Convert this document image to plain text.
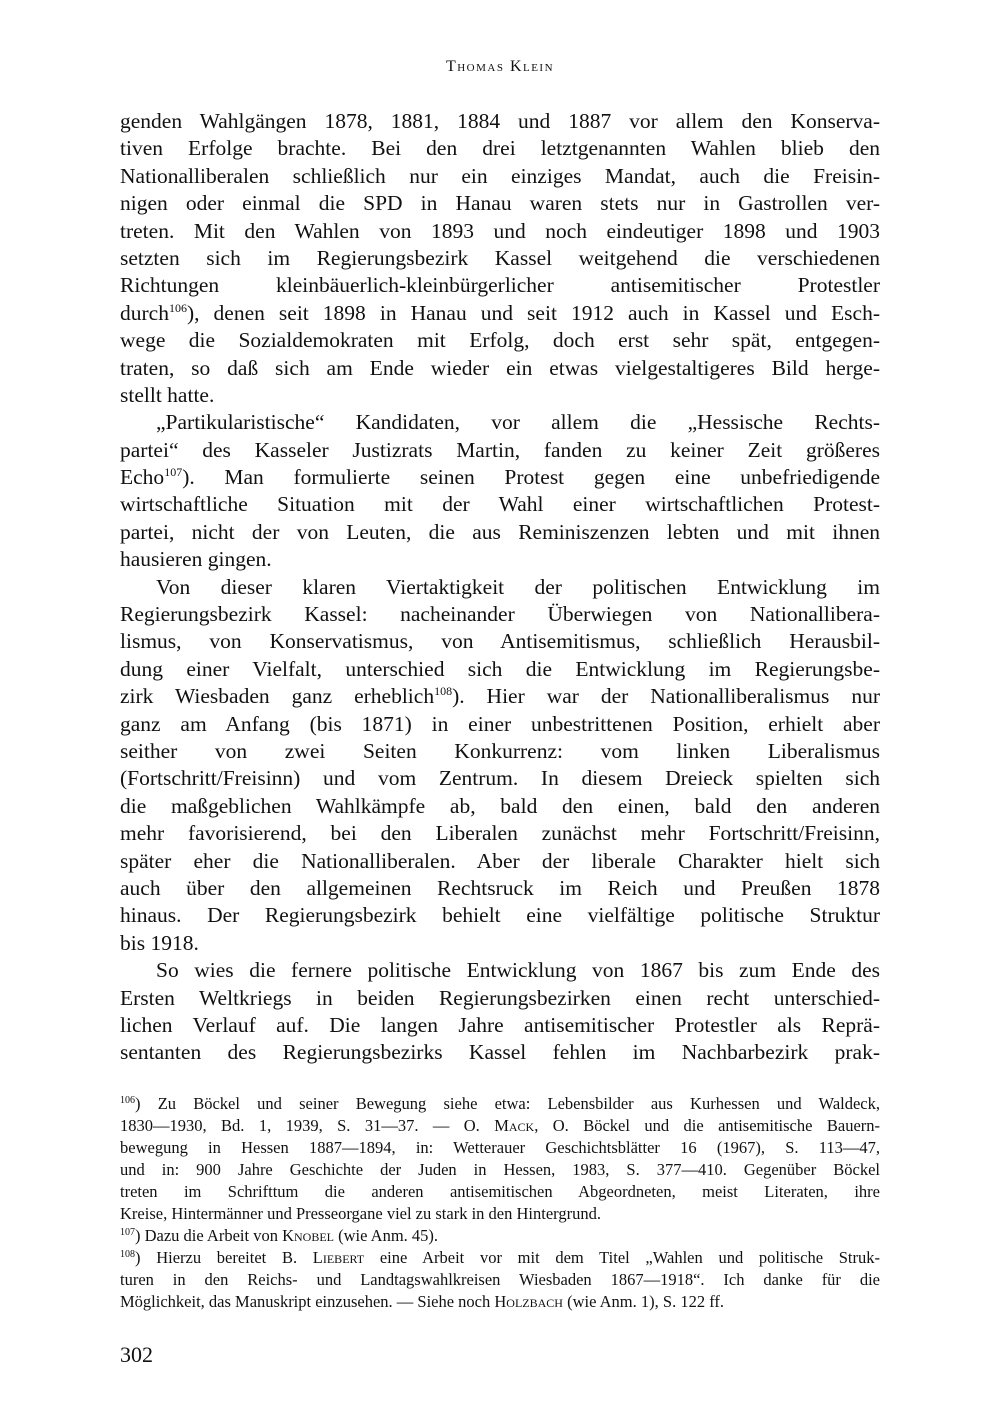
Thomas Klein
genden Wahlgängen 1878, 1881, 1884 und 1887 vor allem den Konserva-
tiven Erfolge brachte. Bei den drei letztgenannten Wahlen blieb den
Nationalliberalen schließlich nur ein einziges Mandat, auch die Freisin-
nigen oder einmal die SPD in Hanau waren stets nur in Gastrollen ver-
treten. Mit den Wahlen von 1893 und noch eindeutiger 1898 und 1903
setzten sich im Regierungsbezirk Kassel weitgehend die verschiedenen
Richtungen kleinbäuerlich-kleinbürgerlicher antisemitischer Protestler
durch$^{106}$), denen seit 1898 in Hanau und seit 1912 auch in Kassel und Esch-
wege die Sozialdemokraten mit Erfolg, doch erst sehr spät, entgegen-
traten, so daß sich am Ende wieder ein etwas vielgestaltigeres Bild herge-
stellt hatte.
„Partikularistische“ Kandidaten, vor allem die „Hessische Rechts-
partei“ des Kasseler Justizrats Martin, fanden zu keiner Zeit größeres
Echo$^{107}$). Man formulierte seinen Protest gegen eine unbefriedigende
wirtschaftliche Situation mit der Wahl einer wirtschaftlichen Protest-
partei, nicht der von Leuten, die aus Reminiszenzen lebten und mit ihnen
hausieren gingen.
Von dieser klaren Viertaktigkeit der politischen Entwicklung im
Regierungsbezirk Kassel: nacheinander Überwiegen von Nationallibera-
lismus, von Konservatismus, von Antisemitismus, schließlich Herausbil-
dung einer Vielfalt, unterschied sich die Entwicklung im Regierungsbe-
zirk Wiesbaden ganz erheblich$^{108}$). Hier war der Nationalliberalismus nur
ganz am Anfang (bis 1871) in einer unbestrittenen Position, erhielt aber
seither von zwei Seiten Konkurrenz: vom linken Liberalismus
(Fortschritt/Freisinn) und vom Zentrum. In diesem Dreieck spielten sich
die maßgeblichen Wahlkämpfe ab, bald den einen, bald den anderen
mehr favorisierend, bei den Liberalen zunächst mehr Fortschritt/Freisinn,
später eher die Nationalliberalen. Aber der liberale Charakter hielt sich
auch über den allgemeinen Rechtsruck im Reich und Preußen 1878
hinaus. Der Regierungsbezirk behielt eine vielfältige politische Struktur
bis 1918.
So wies die fernere politische Entwicklung von 1867 bis zum Ende des
Ersten Weltkriegs in beiden Regierungsbezirken einen recht unterschied-
lichen Verlauf auf. Die langen Jahre antisemitischer Protestler als Reprä-
sentanten des Regierungsbezirks Kassel fehlen im Nachbarbezirk prak-
$^{106}$) Zu Böckel und seiner Bewegung siehe etwa: Lebensbilder aus Kurhessen und Waldeck,
1830—1930, Bd. 1, 1939, S. 31—37. — O. Mack, O. Böckel und die antisemitische Bauern-
bewegung in Hessen 1887—1894, in: Wetterauer Geschichtsblätter 16 (1967), S. 113—47,
und in: 900 Jahre Geschichte der Juden in Hessen, 1983, S. 377—410. Gegenüber Böckel
treten im Schrifttum die anderen antisemitischen Abgeordneten, meist Literaten, ihre
Kreise, Hintermänner und Presseorgane viel zu stark in den Hintergrund.
$^{107}$) Dazu die Arbeit von Knobel (wie Anm. 45).
$^{108}$) Hierzu bereitet B. Liebert eine Arbeit vor mit dem Titel „Wahlen und politische Struk-
turen in den Reichs- und Landtagswahlkreisen Wiesbaden 1867—1918“. Ich danke für die
Möglichkeit, das Manuskript einzusehen. — Siehe noch Holzbach (wie Anm. 1), S. 122 ff.
302
